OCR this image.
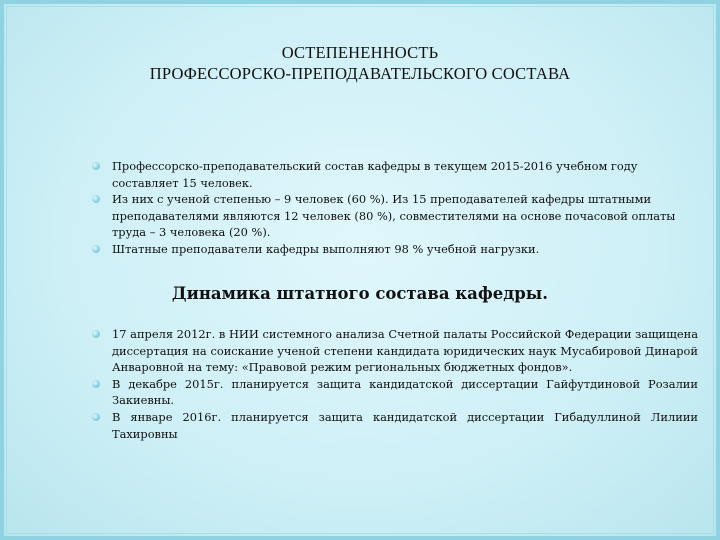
ОСТЕПЕНЕННОСТЬ
ПРОФЕССОРСКО-ПРЕПОДАВАТЕЛЬСКОГО СОСТАВА
Профессорско-преподавательский состав кафедры в текущем 2015-2016 учебном году составляет 15 человек.
Из них с ученой степенью – 9 человек (60 %). Из 15 преподавателей кафедры штатными преподавателями являются 12 человек (80 %), совместителями на основе почасовой оплаты труда – 3 человека (20 %).
Штатные преподаватели кафедры выполняют 98 % учебной нагрузки.
Динамика штатного состава кафедры.
17 апреля 2012г. в НИИ системного анализа Счетной палаты Российской Федерации защищена диссертация на соискание ученой степени кандидата юридических наук Мусабировой Динарой Анваровной на тему: «Правовой режим региональных бюджетных фондов».
В декабре 2015г. планируется защита кандидатской диссертации Гайфутдиновой Розалии Закиевны.
В январе 2016г. планируется защита кандидатской диссертации Гибадуллиной Лилиии Тахировны
